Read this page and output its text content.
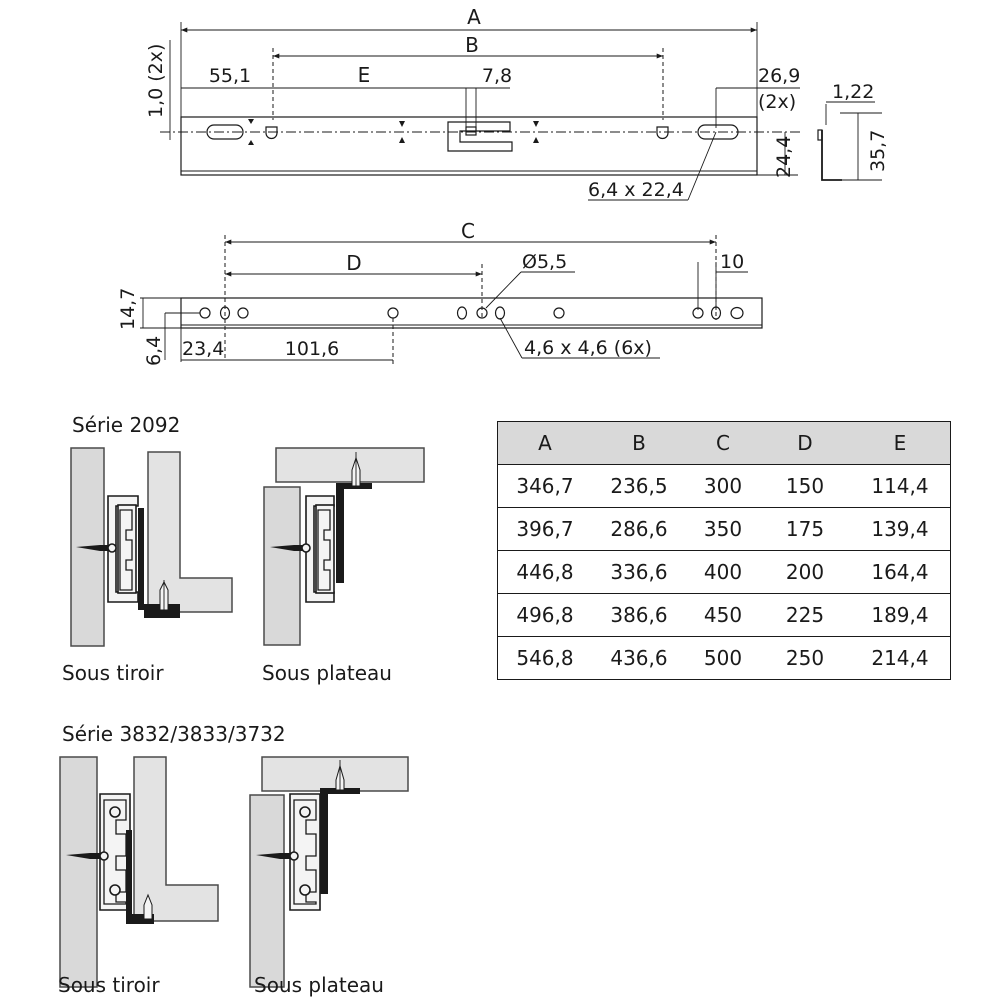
A
B
55,1	E	7,8
1,0 (2x)	26,9
(2x)
24,4
6,4 x 22,4
1,22
35,7
C
D	Ø5,5	10
14,7
6,4 23,4	101,6	4,6 x 4,6 (6x)
Série 2092
Sous tiroir	Sous plateau
Série 3832/3833/3732
Sous tiroir	Sous plateau
A	B	C	D	E
346,7	236,5	300	150	114,4
396,7	286,6	350	175	139,4
446,8	336,6	400	200	164,4
496,8	386,6	450	225	189,4
546,8	436,6	500	250	214,4
